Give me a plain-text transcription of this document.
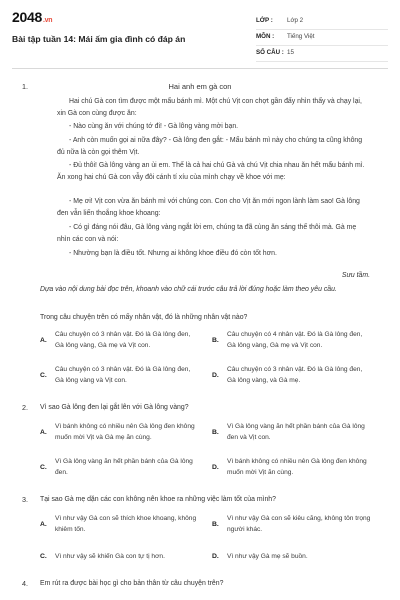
2048.vn
Bài tập tuần 14: Mái ấm gia đình có đáp án
LỚP : Lớp 2
MÔN : Tiếng Việt
SỐ CÂU : 15
1.	Hai anh em gà con
Hai chú Gà con tìm được một mẩu bánh mì. Một chú Vịt con chợt gần đấy nhìn thấy và chạy lại, xin Gà con cùng được ăn:
- Nào cùng ăn với chúng tớ đi! - Gà lông vàng mời bạn.
- Anh còn muốn gọi ai nữa đây? - Gà lông đen gắt: - Mẩu bánh mì này cho chúng ta cũng không đủ nữa là còn gọi thêm Vịt.
- Đủ thôi! Gà lông vàng an ủi em. Thế là cả hai chú Gà và chú Vịt chia nhau ăn hết mẩu bánh mì. Ăn xong hai chú Gà con vẫy đôi cánh tí xíu của mình chạy về khoe với mẹ:
- Mẹ ơi! Vịt con vừa ăn bánh mì với chúng con. Con cho Vịt ăn mới ngon lành làm sao! Gà lông đen vẫn liến thoắng khoe khoang:
- Có gì đáng nói đâu, Gà lông vàng ngắt lời em, chúng ta đã cùng ăn sáng thế thôi mà. Gà mẹ nhìn các con và nói:
- Nhường bạn là điều tốt. Nhưng ai không khoe điều đó còn tốt hơn.
Sưu tầm.
Dựa vào nội dung bài đọc trên, khoanh vào chữ cái trước câu trả lời đúng hoặc làm theo yêu cầu.
Trong câu chuyện trên có mấy nhân vật, đó là những nhân vật nào?
A.
Câu chuyện có 3 nhân vật. Đó là Gà lông đen, Gà lông vàng, Gà mẹ và Vịt con.
B.
Câu chuyện có 4 nhân vật. Đó là Gà lông đen, Gà lông vàng, Gà mẹ và Vịt con.
C.
Câu chuyện có 3 nhân vật. Đó là Gà lông đen, Gà lông vàng và Vịt con.
D.
Câu chuyện có 3 nhân vật. Đó là Gà lông đen, Gà lông vàng, và Gà mẹ.
2. Vì sao Gà lông đen lại gắt lên với Gà lông vàng?
A.
Vì bánh không có nhiều nên Gà lông đen không muốn mời Vịt và Gà mẹ ăn cùng.
B.
Vì Gà lông vàng ăn hết phần bánh của Gà lông đen và Vịt con.
C.
Vì Gà lông vàng ăn hết phần bánh của Gà lông đen.
D.
Vì bánh không có nhiều nên Gà lông đen không muốn mời Vịt ăn cùng.
3. Tại sao Gà mẹ dặn các con không nên khoe ra những việc làm tốt của mình?
A.
Vì như vậy Gà con sẽ thích khoe khoang, không khiêm tốn.
B.
Vì như vậy Gà con sẽ kiêu căng, không tôn trọng người khác.
C. Vì như vậy sẽ khiến Gà con tự tị hơn.	D. Vì như vậy Gà mẹ sẽ buồn.
4. Em rút ra được bài học gì cho bản thân từ câu chuyện trên?
